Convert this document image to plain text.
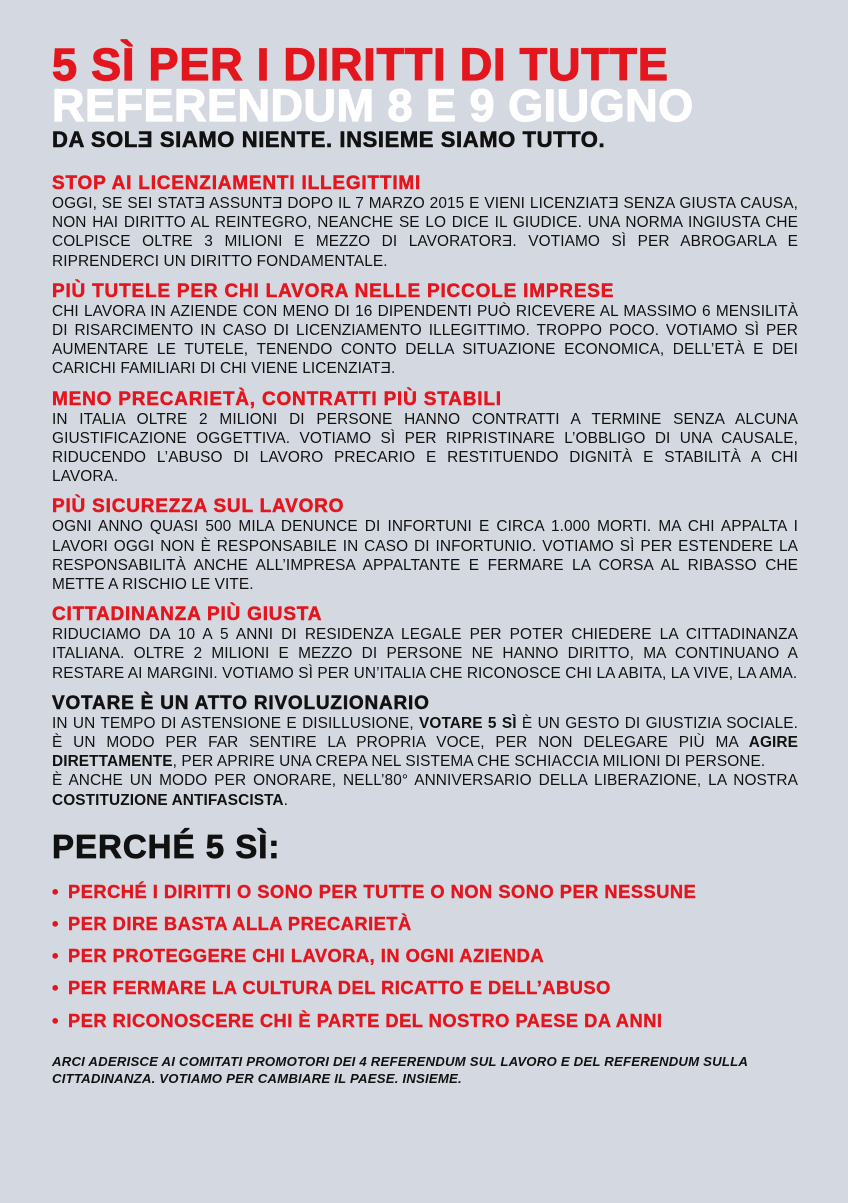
5 SÌ PER I DIRITTI DI TUTTE
REFERENDUM 8 E 9 GIUGNO
DA SOLƎ SIAMO NIENTE. INSIEME SIAMO TUTTO.
STOP AI LICENZIAMENTI ILLEGITTIMI
OGGI, SE SEI STATƎ ASSUNTƎ DOPO IL 7 MARZO 2015 E VIENI LICENZIATƎ SENZA GIUSTA CAUSA, NON HAI DIRITTO AL REINTEGRO, NEANCHE SE LO DICE IL GIUDICE. UNA NORMA INGIUSTA CHE COLPISCE OLTRE 3 MILIONI E MEZZO DI LAVORATORƎ. VOTIAMO SÌ PER ABROGARLA E RIPRENDERCI UN DIRITTO FONDAMENTALE.
PIÙ TUTELE PER CHI LAVORA NELLE PICCOLE IMPRESE
CHI LAVORA IN AZIENDE CON MENO DI 16 DIPENDENTI PUÒ RICEVERE AL MASSIMO 6 MENSILITÀ DI RISARCIMENTO IN CASO DI LICENZIAMENTO ILLEGITTIMO. TROPPO POCO. VOTIAMO SÌ PER AUMENTARE LE TUTELE, TENENDO CONTO DELLA SITUAZIONE ECONOMICA, DELL’ETÀ E DEI CARICHI FAMILIARI DI CHI VIENE LICENZIATƎ.
MENO PRECARIETÀ, CONTRATTI PIÙ STABILI
IN ITALIA OLTRE 2 MILIONI DI PERSONE HANNO CONTRATTI A TERMINE SENZA ALCUNA GIUSTIFICAZIONE OGGETTIVA. VOTIAMO SÌ PER RIPRISTINARE L’OBBLIGO DI UNA CAUSALE, RIDUCENDO L’ABUSO DI LAVORO PRECARIO E RESTITUENDO DIGNITÀ E STABILITÀ A CHI LAVORA.
PIÙ SICUREZZA SUL LAVORO
OGNI ANNO QUASI 500 MILA DENUNCE DI INFORTUNI E CIRCA 1.000 MORTI. MA CHI APPALTA I LAVORI OGGI NON È RESPONSABILE IN CASO DI INFORTUNIO. VOTIAMO SÌ PER ESTENDERE LA RESPONSABILITÀ ANCHE ALL’IMPRESA APPALTANTE E FERMARE LA CORSA AL RIBASSO CHE METTE A RISCHIO LE VITE.
CITTADINANZA PIÙ GIUSTA
RIDUCIAMO DA 10 A 5 ANNI DI RESIDENZA LEGALE PER POTER CHIEDERE LA CITTADINANZA ITALIANA. OLTRE 2 MILIONI E MEZZO DI PERSONE NE HANNO DIRITTO, MA CONTINUANO A RESTARE AI MARGINI. VOTIAMO SÌ PER UN’ITALIA CHE RICONOSCE CHI LA ABITA, LA VIVE, LA AMA.
VOTARE È UN ATTO RIVOLUZIONARIO
IN UN TEMPO DI ASTENSIONE E DISILLUSIONE, VOTARE 5 SÌ È UN GESTO DI GIUSTIZIA SOCIALE. È UN MODO PER FAR SENTIRE LA PROPRIA VOCE, PER NON DELEGARE PIÙ MA AGIRE DIRETTAMENTE, PER APRIRE UNA CREPA NEL SISTEMA CHE SCHIACCIA MILIONI DI PERSONE.
È ANCHE UN MODO PER ONORARE, NELL’80° ANNIVERSARIO DELLA LIBERAZIONE, LA NOSTRA COSTITUZIONE ANTIFASCISTA.
PERCHÉ 5 SÌ:
• PERCHÉ I DIRITTI O SONO PER TUTTE O NON SONO PER NESSUNE
• PER DIRE BASTA ALLA PRECARIETÀ
• PER PROTEGGERE CHI LAVORA, IN OGNI AZIENDA
• PER FERMARE LA CULTURA DEL RICATTO E DELL’ABUSO
• PER RICONOSCERE CHI È PARTE DEL NOSTRO PAESE DA ANNI
ARCI ADERISCE AI COMITATI PROMOTORI DEI 4 REFERENDUM SUL LAVORO E DEL REFERENDUM SULLA CITTADINANZA. VOTIAMO PER CAMBIARE IL PAESE. INSIEME.
